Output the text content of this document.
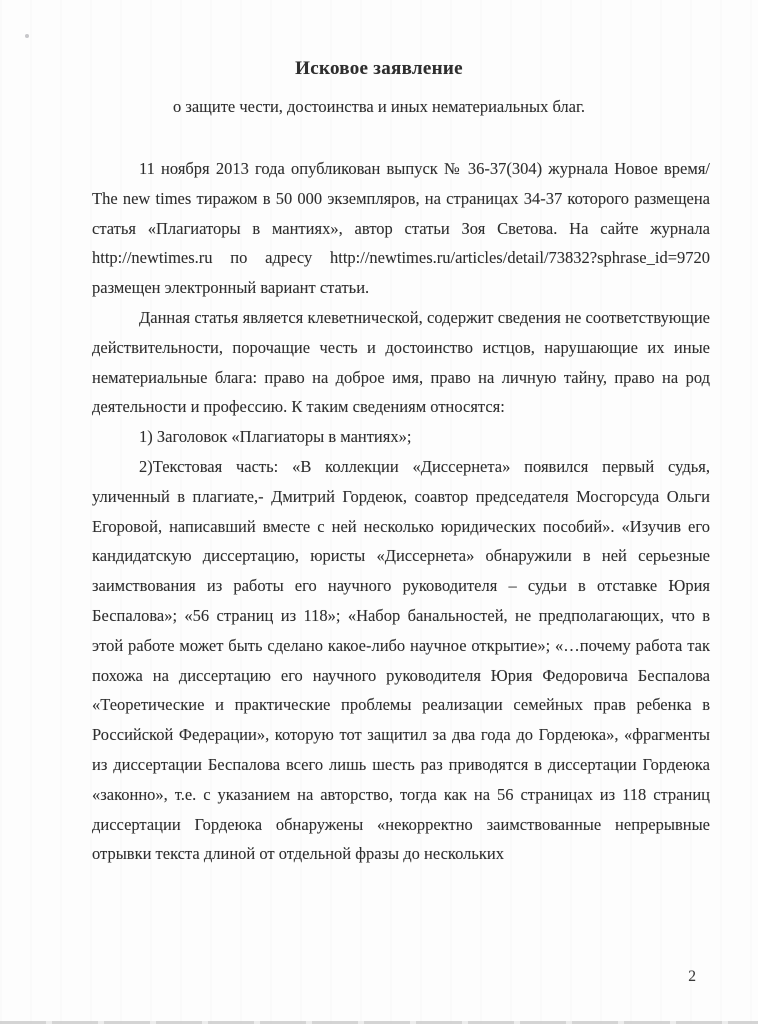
Исковое заявление
о защите чести, достоинства и иных нематериальных благ.

11 ноября 2013 года опубликован выпуск № 36-37(304) журнала Новое время/ The new times тиражом в 50 000 экземпляров, на страницах 34-37 которого размещена статья «Плагиаторы в мантиях», автор статьи Зоя Светова. На сайте журнала http://newtimes.ru по адресу http://newtimes.ru/articles/detail/73832?sphrase_id=9720 размещен электронный вариант статьи.

Данная статья является клеветнической, содержит сведения не соответствующие действительности, порочащие честь и достоинство истцов, нарушающие их иные нематериальные блага: право на доброе имя, право на личную тайну, право на род деятельности и профессию. К таким сведениям относятся:

1) Заголовок «Плагиаторы в мантиях»;

2)Текстовая часть: «В коллекции «Диссернета» появился первый судья, уличенный в плагиате,- Дмитрий Гордеюк, соавтор председателя Мосгорсуда Ольги Егоровой, написавший вместе с ней несколько юридических пособий». «Изучив его кандидатскую диссертацию, юристы «Диссернета» обнаружили в ней серьезные заимствования из работы его научного руководителя – судьи в отставке Юрия Беспалова»; «56 страниц из 118»; «Набор банальностей, не предполагающих, что в этой работе может быть сделано какое-либо научное открытие»; «…почему работа так похожа на диссертацию его научного руководителя Юрия Федоровича Беспалова «Теоретические и практические проблемы реализации семейных прав ребенка в Российской Федерации», которую тот защитил за два года до Гордеюка», «фрагменты из диссертации Беспалова всего лишь шесть раз приводятся в диссертации Гордеюка «законно», т.е. с указанием на авторство, тогда как на 56 страницах из 118 страниц диссертации Гордеюка обнаружены «некорректно заимствованные непрерывные отрывки текста длиной от отдельной фразы до нескольких

2
